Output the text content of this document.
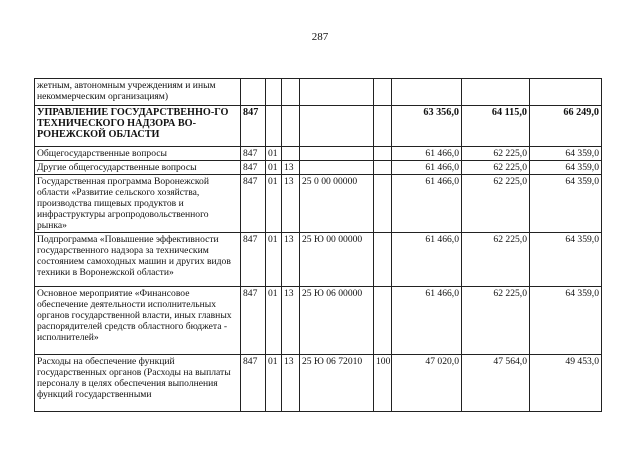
287
жетным, автономным учреждениям и иным некоммерческим организациям)								
УПРАВЛЕНИЕ ГОСУДАРСТВЕННО-ГО ТЕХНИЧЕСКОГО НАДЗОРА ВО-РОНЕЖСКОЙ ОБЛАСТИ	847					63 356,0	64 115,0	66 249,0
Общегосударственные вопросы	847	01				61 466,0	62 225,0	64 359,0
Другие общегосударственные вопросы	847	01	13			61 466,0	62 225,0	64 359,0
Государственная программа Воронежской области «Развитие сельского хозяйства, производства пищевых продуктов и инфраструктуры агропродовольственного рынка»	847	01	13	25 0 00 00000		61 466,0	62 225,0	64 359,0
Подпрограмма «Повышение эффективности государственного надзора за техническим состоянием самоходных машин и других видов техники в Воронежской области»	847	01	13	25 Ю 00 00000		61 466,0	62 225,0	64 359,0
Основное мероприятие «Финансовое обеспечение деятельности исполнительных органов государственной власти, иных главных распорядителей средств областного бюджета - исполнителей»	847	01	13	25 Ю 06 00000		61 466,0	62 225,0	64 359,0
Расходы на обеспечение функций государственных органов (Расходы на выплаты персоналу в целях обеспечения выполнения функций государственными	847	01	13	25 Ю 06 72010	100	47 020,0	47 564,0	49 453,0
